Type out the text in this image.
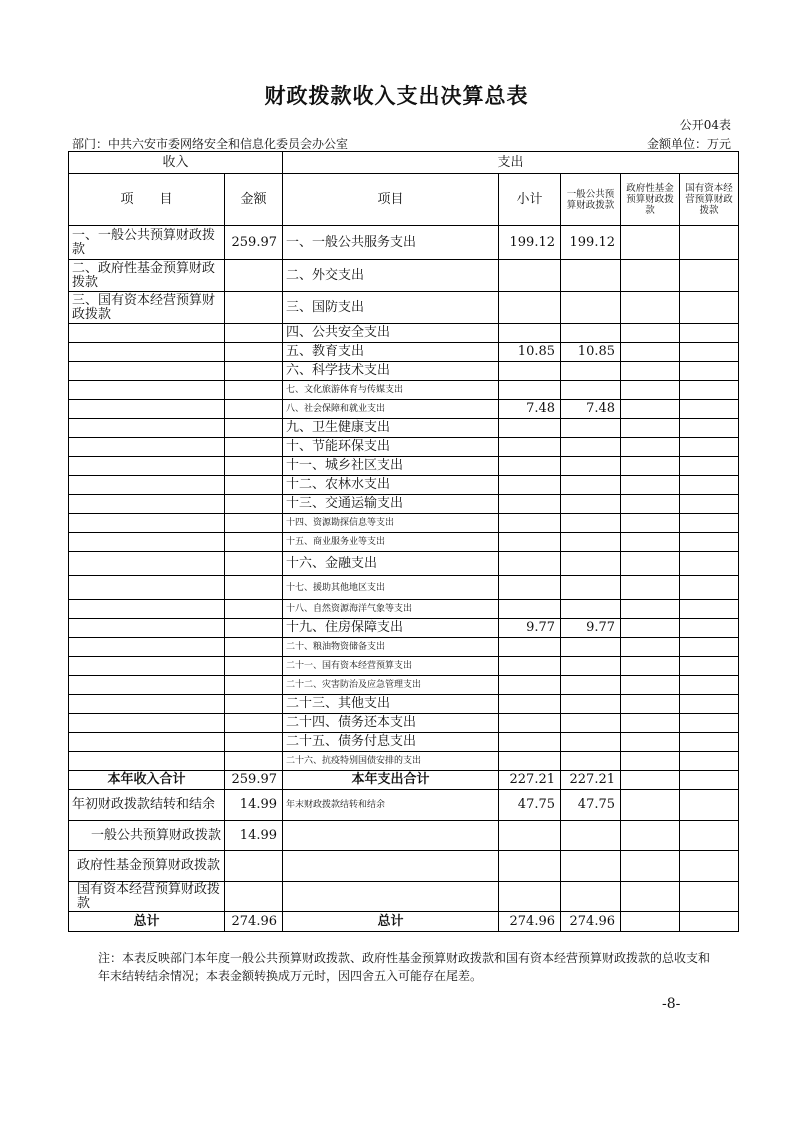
财政拨款收入支出决算总表
公开04表
部门：中共六安市委网络安全和信息化委员会办公室	金额单位：万元
收入		支出				
项　　目	金额	项目	小计	一般公共预算财政拨款	政府性基金预算财政拨款	国有资本经营预算财政拨款
一、一般公共预算财政拨款	259.97	一、一般公共服务支出	199.12	199.12		
二、政府性基金预算财政拨款		二、外交支出				
三、国有资本经营预算财政拨款		三、国防支出				
		四、公共安全支出				
		五、教育支出	10.85	10.85		
		六、科学技术支出				
		七、文化旅游体育与传媒支出				
		八、社会保障和就业支出	7.48	7.48		
		九、卫生健康支出				
		十、节能环保支出				
		十一、城乡社区支出				
		十二、农林水支出				
		十三、交通运输支出				
		十四、资源勘探信息等支出				
		十五、商业服务业等支出				
		十六、金融支出				
		十七、援助其他地区支出				
		十八、自然资源海洋气象等支出				
		十九、住房保障支出	9.77	9.77		
		二十、粮油物资储备支出				
		二十一、国有资本经营预算支出				
		二十二、灾害防治及应急管理支出				
		二十三、其他支出				
		二十四、债务还本支出				
		二十五、债务付息支出				
		二十六、抗疫特别国债安排的支出				
本年收入合计	259.97	本年支出合计	227.21	227.21		
年初财政拨款结转和结余	14.99	年末财政拨款结转和结余	47.75	47.75		
一般公共预算财政拨款	14.99					
政府性基金预算财政拨款						
国有资本经营预算财政拨款						
总计	274.96	总计	274.96	274.96		
注：本表反映部门本年度一般公共预算财政拨款、政府性基金预算财政拨款和国有资本经营预算财政拨款的总收支和年末结转结余情况；本表金额转换成万元时，因四舍五入可能存在尾差。
-8-
